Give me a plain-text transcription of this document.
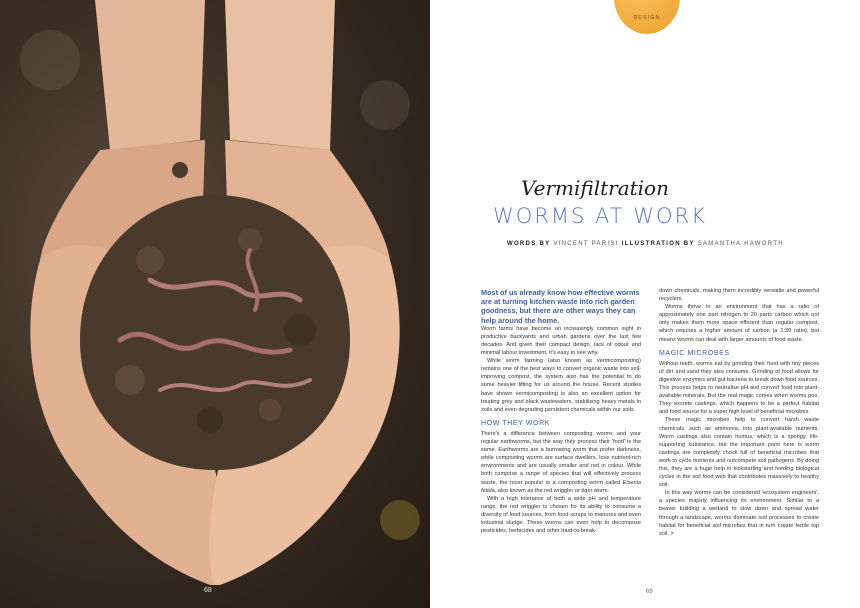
68
DESIGN
Vermifiltration
WORMS AT WORK
WORDS BY VINCENT PARISI ILLUSTRATION BY SAMANTHA HAWORTH

Most of us already know how effective worms are at turning kitchen waste into rich garden goodness, but there are other ways they can help around the home.

Worm farms have become an increasingly common sight in productive backyards and urban gardens over the last few decades. And given their compact design, lack of odour and minimal labour investment, it's easy to see why.

While worm farming (also known as vermicomposting) remains one of the best ways to convert organic waste into soil-improving compost, the system also has the potential to do some heavier lifting for us around the house. Recent studies have shown vermicomposting is also an excellent option for treating grey and black wastewaters, stabilising heavy metals in soils and even degrading persistent chemicals within our soils.

HOW THEY WORK

There's a difference between composting worms and your regular earthworms, but the way they process their 'food' is the same. Earthworms are a burrowing worm that prefer darkness, while composting worms are surface dwellers, love nutrient-rich environments and are usually smaller and red in colour. While both comprise a range of species that will effectively process waste, the most popular is a composting worm called Eisenia fetida, also known as the red wriggler or tiger worm.

With a high tolerance of both a wide pH and temperature range, the red wriggler is chosen for its ability to consume a diversity of food sources, from food scraps to manures and even industrial sludge. These worms can even help to decompose pesticides, herbicides and other hard-to-break-

down chemicals, making them incredibly versatile and powerful recyclers.

Worms thrive in an environment that has a ratio of approximately one part nitrogen to 20 parts carbon which not only makes them more space efficient than regular compost, which requires a higher amount of carbon (a 1:30 ratio), but means worms can deal with larger amounts of food waste.

MAGIC MICROBES

Without teeth, worms eat by grinding their food with tiny pieces of dirt and sand they also consume. Grinding of food allows for digestive enzymes and gut bacteria to break down food sources. This process helps to neutralise pH and convert food into plant-available minerals. But the real magic comes when worms poo. They excrete castings, which happens to be a perfect habitat and food source for a super high level of beneficial microbes.

These magic microbes help to convert harsh waste chemicals, such as ammonia, into plant-available nutrients. Worm castings also contain humus, which is a spongy, life-supporting substance, but the important point here is worm castings are completely chock full of beneficial microbes that work to cycle nutrients and outcompete soil pathogens. By doing this, they are a huge help in kickstarting and feeding biological cycles in the soil food web that contributes massively to healthy soil.

In this way worms can be considered 'ecosystem engineers', a species majorly influencing its environment. Similar to a beaver building a wetland to slow down and spread water through a landscape, worms dominate soil processes to create habitat for beneficial soil microbes that in turn create fertile top soil. >

69
